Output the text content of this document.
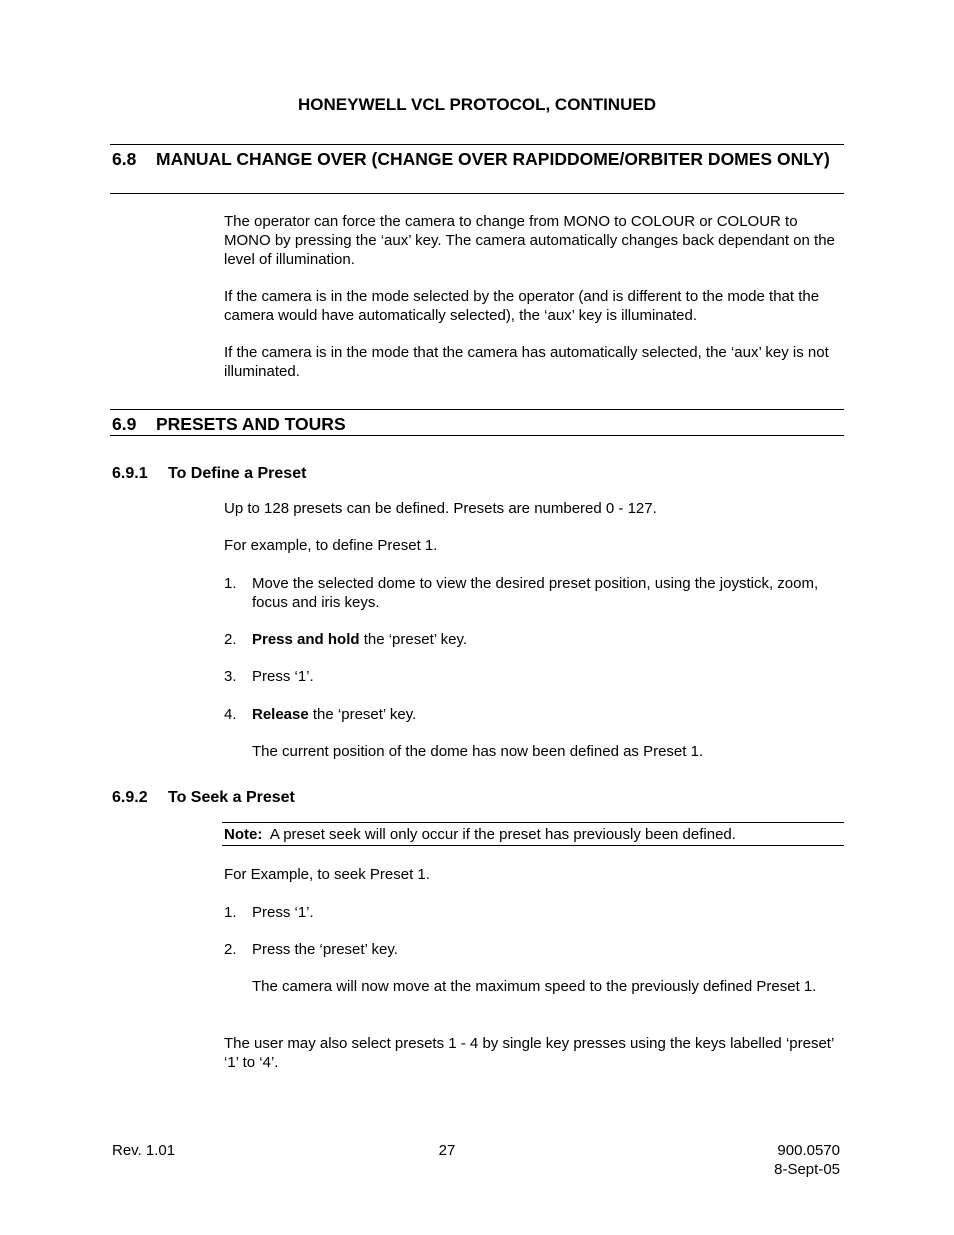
HONEYWELL VCL PROTOCOL, CONTINUED
6.8 MANUAL CHANGE OVER (CHANGE OVER RAPIDDOME/ORBITER DOMES ONLY)
The operator can force the camera to change from MONO to COLOUR or COLOUR to MONO by pressing the ‘aux’ key. The camera automatically changes back dependant on the level of illumination.
If the camera is in the mode selected by the operator (and is different to the mode that the camera would have automatically selected), the ‘aux’ key is illuminated.
If the camera is in the mode that the camera has automatically selected, the ‘aux’ key is not illuminated.
6.9 PRESETS AND TOURS
6.9.1 To Define a Preset
Up to 128 presets can be defined. Presets are numbered 0 - 127.
For example, to define Preset 1.
1. Move the selected dome to view the desired preset position, using the joystick, zoom, focus and iris keys.
2. Press and hold the ‘preset’ key.
3. Press ‘1’.
4. Release the ‘preset’ key.
The current position of the dome has now been defined as Preset 1.
6.9.2 To Seek a Preset
Note: A preset seek will only occur if the preset has previously been defined.
For Example, to seek Preset 1.
1. Press ‘1’.
2. Press the ‘preset’ key.
The camera will now move at the maximum speed to the previously defined Preset 1.
The user may also select presets 1 - 4 by single key presses using the keys labelled ‘preset’ ‘1’ to ‘4’.
Rev. 1.01	27	900.0570
8-Sept-05
